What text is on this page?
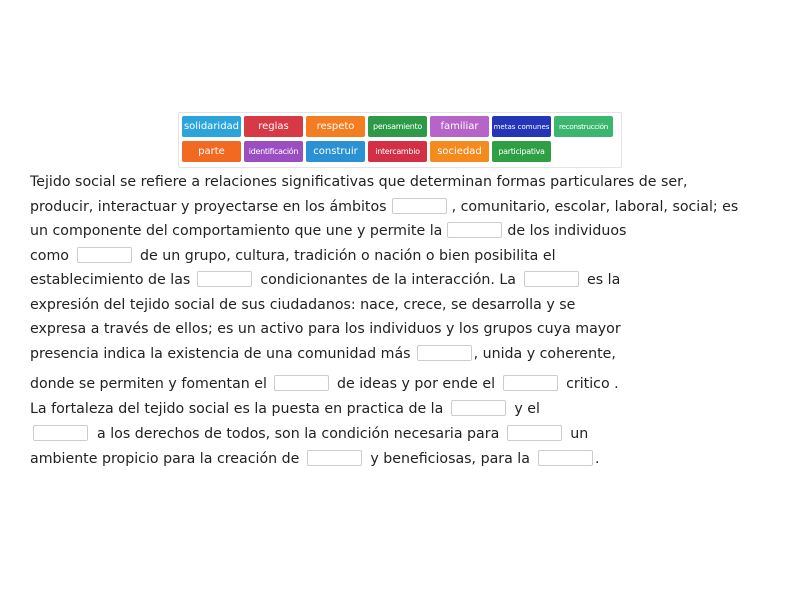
solidaridad	reglas	respeto	pensamiento	familiar	metas comunes	reconstrucción
parte	identificación	construir	intercambio	sociedad	participativa
Tejido social se refiere a relaciones significativas que determinan formas particulares de ser,
producir, interactuar y proyectarse en los ámbitos	, comunitario, escolar, laboral, social; es
un componente del comportamiento que une y permite la	de los individuos
como	de un grupo, cultura, tradición o nación o bien posibilita el
establecimiento de las	condicionantes de la interacción. La	es la
expresión del tejido social de sus ciudadanos: nace, crece, se desarrolla y se
expresa a través de ellos; es un activo para los individuos y los grupos cuya mayor
presencia indica la existencia de una comunidad más	, unida y coherente,
donde se permiten y fomentan el	de ideas y por ende el	critico .
La fortaleza del tejido social es la puesta en practica de la	y el
a los derechos de todos, son la condición necesaria para	un
ambiente propicio para la creación de	y beneficiosas, para la	.
